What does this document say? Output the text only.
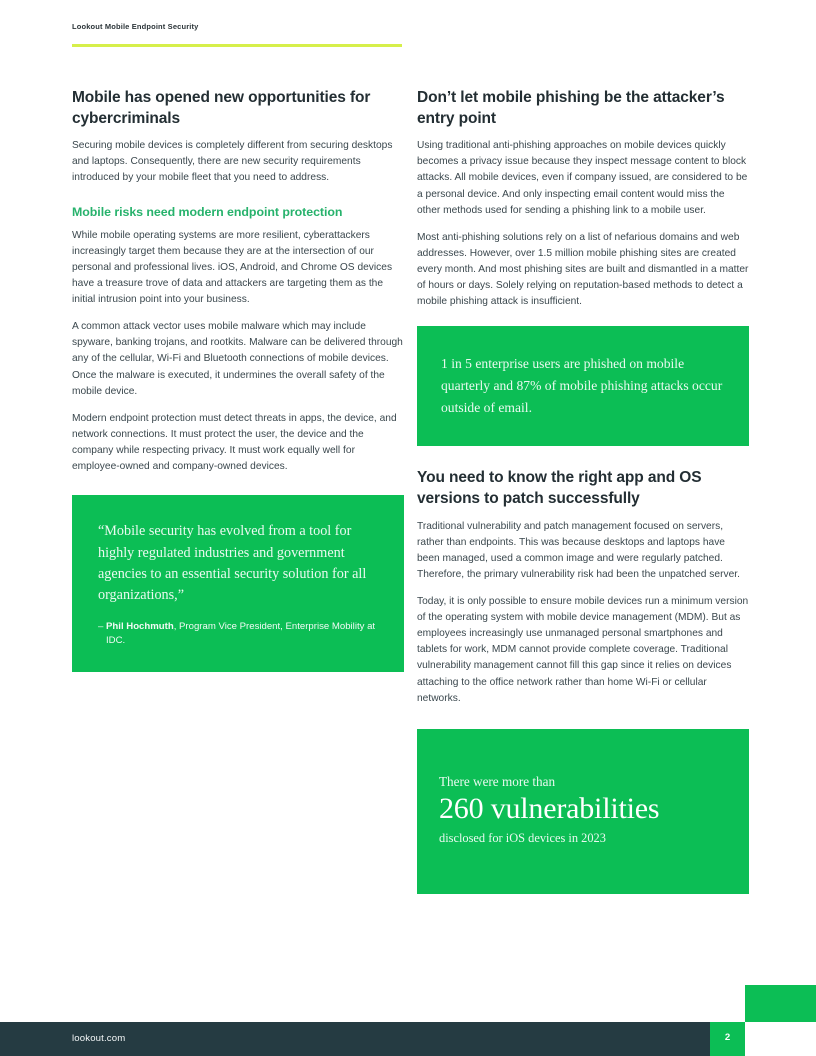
Lookout Mobile Endpoint Security
Mobile has opened new opportunities for cybercriminals

Securing mobile devices is completely different from securing desktops and laptops. Consequently, there are new security requirements introduced by your mobile fleet that you need to address.

Mobile risks need modern endpoint protection

While mobile operating systems are more resilient, cyberattackers increasingly target them because they are at the intersection of our personal and professional lives. iOS, Android, and Chrome OS devices have a treasure trove of data and attackers are targeting them as the initial intrusion point into your business.

A common attack vector uses mobile malware which may include spyware, banking trojans, and rootkits. Malware can be delivered through any of the cellular, Wi-Fi and Bluetooth connections of mobile devices. Once the malware is executed, it undermines the overall safety of the mobile device.

Modern endpoint protection must detect threats in apps, the device, and network connections. It must protect the user, the device and the company while respecting privacy. It must work equally well for employee-owned and company-owned devices.

“Mobile security has evolved from a tool for highly regulated industries and government agencies to an essential security solution for all organizations,”

– Phil Hochmuth, Program Vice President, Enterprise Mobility at IDC.

Don’t let mobile phishing be the attacker’s entry point

Using traditional anti-phishing approaches on mobile devices quickly becomes a privacy issue because they inspect message content to block attacks. All mobile devices, even if company issued, are considered to be a personal device. And only inspecting email content would miss the other methods used for sending a phishing link to a mobile user.

Most anti-phishing solutions rely on a list of nefarious domains and web addresses. However, over 1.5 million mobile phishing sites are created every month. And most phishing sites are built and dismantled in a matter of hours or days. Solely relying on reputation-based methods to detect a mobile phishing attack is insufficient.

1 in 5 enterprise users are phished on mobile quarterly and 87% of mobile phishing attacks occur outside of email.

You need to know the right app and OS versions to patch successfully

Traditional vulnerability and patch management focused on servers, rather than endpoints. This was because desktops and laptops have been managed, used a common image and were regularly patched. Therefore, the primary vulnerability risk had been the unpatched server.

Today, it is only possible to ensure mobile devices run a minimum version of the operating system with mobile device management (MDM). But as employees increasingly use unmanaged personal smartphones and tablets for work, MDM cannot provide complete coverage. Traditional vulnerability management cannot fill this gap since it relies on devices attaching to the office network rather than home Wi-Fi or cellular networks.

There were more than

260 vulnerabilities

disclosed for iOS devices in 2023

lookout.com	2
